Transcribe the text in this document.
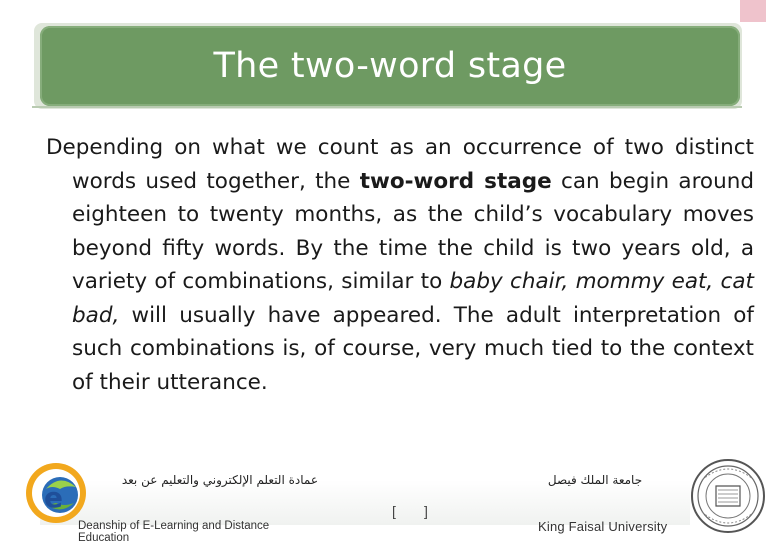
The two-word stage
Depending on what we count as an occurrence of two distinct words used together, the two-word stage can begin around eighteen to twenty months, as the child’s vocabulary moves beyond fifty words. By the time the child is two years old, a variety of combinations, similar to baby chair, mommy eat, cat bad, will usually have appeared. The adult interpretation of such combinations is, of course, very much tied to the context of their utterance.
e
عمادة التعلم الإلكتروني والتعليم عن بعد
Deanship of E-Learning and Distance Education
[ ]
جامعة الملك فيصل
King Faisal University
